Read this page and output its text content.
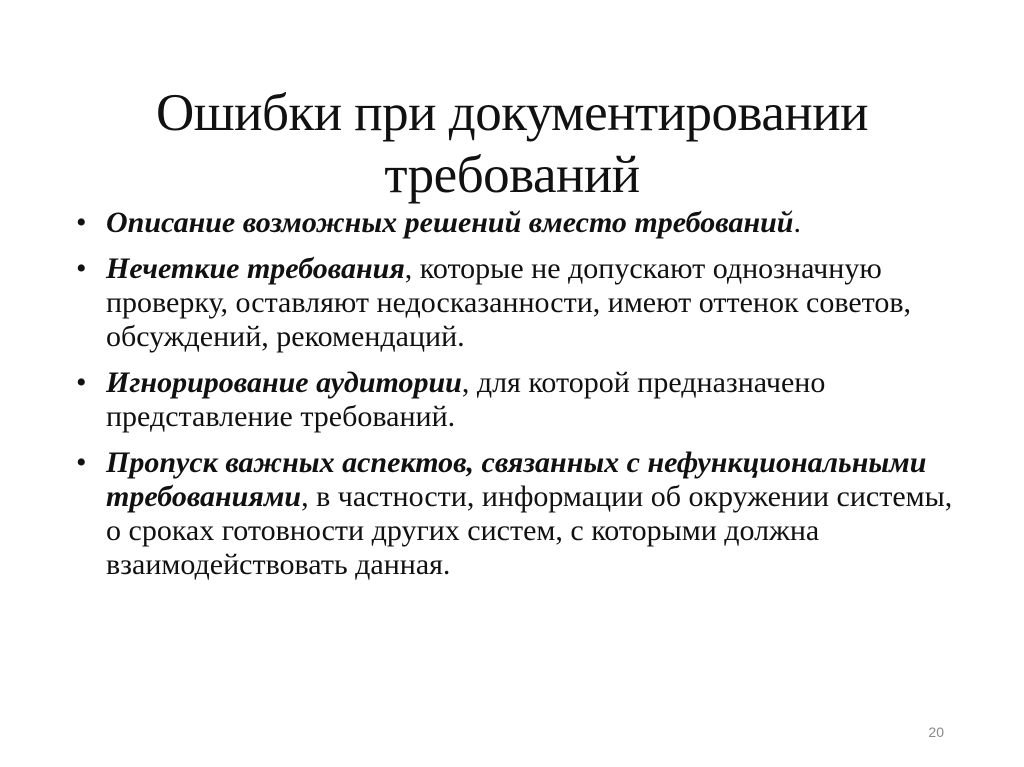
Ошибки при документировании
требований
• Описание возможных решений вместо требований.
• Нечеткие требования, которые не допускают однозначную проверку, оставляют недосказанности, имеют оттенок советов, обсуждений, рекомендаций.
• Игнорирование аудитории, для которой предназначено представление требований.
• Пропуск важных аспектов, связанных с нефункциональными требованиями, в частности, информации об окружении системы, о сроках готовности других систем, с которыми должна взаимодействовать данная.
20
